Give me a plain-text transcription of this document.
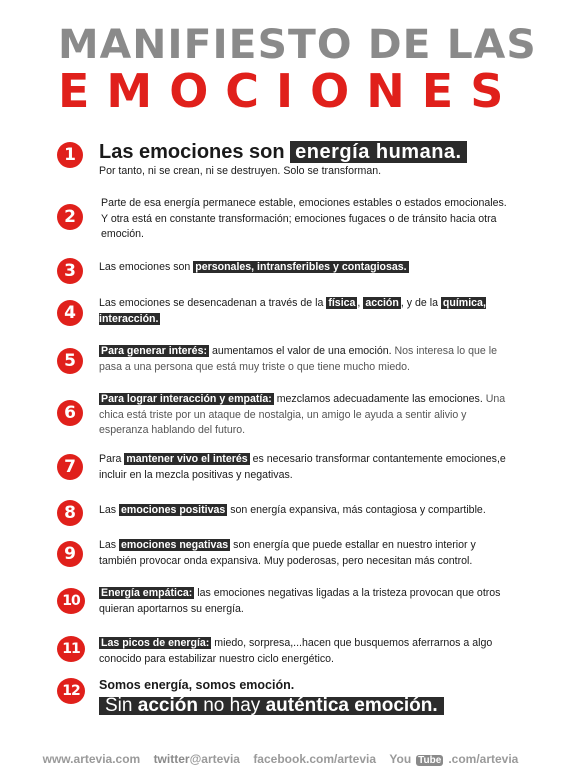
MANIFIESTO DE LAS
EMOCIONES
1	Las emociones son energía humana.
Por tanto, ni se crean, ni se destruyen. Solo se transforman.
2
Parte de esa energía permanece estable, emociones estables o estados emocionales. Y otra está en constante transformación; emociones fugaces o de tránsito hacia otra emoción.
3	Las emociones son personales, intransferibles y contagiosas.
4	Las emociones se desencadenan a través de la física , acción , y de la química, interacción.
5	Para generar interés: aumentamos el valor de una emoción. Nos interesa lo que le pasa a una persona que está muy triste o que tiene mucho miedo.
6
Para lograr interacción y empatía: mezclamos adecuadamente las emociones. Una chica está triste por un ataque de nostalgia, un amigo le ayuda a sentir alivio y esperanza hablando del futuro.
7	Para mantener vivo el interés es necesario transformar contantemente emociones,e incluir en la mezcla positivas y negativas.
8	Las emociones positivas son energía expansiva, más contagiosa y compartible.
9	Las emociones negativas son energía que puede estallar en nuestro interior y también provocar onda expansiva. Muy poderosas, pero necesitan más control.
10	Energía empática: las emociones negativas ligadas a la tristeza provocan que otros quieran aportarnos su energía.
11	Las picos de energía: miedo, sorpresa,...hacen que busquemos aferrarnos a algo conocido para estabilizar nuestro ciclo energético.
12	Somos energía, somos emoción.
Sin acción no hay auténtica emoción.
www.artevia.com twitter@artevia facebook.com/artevia You Tube .com/artevia
